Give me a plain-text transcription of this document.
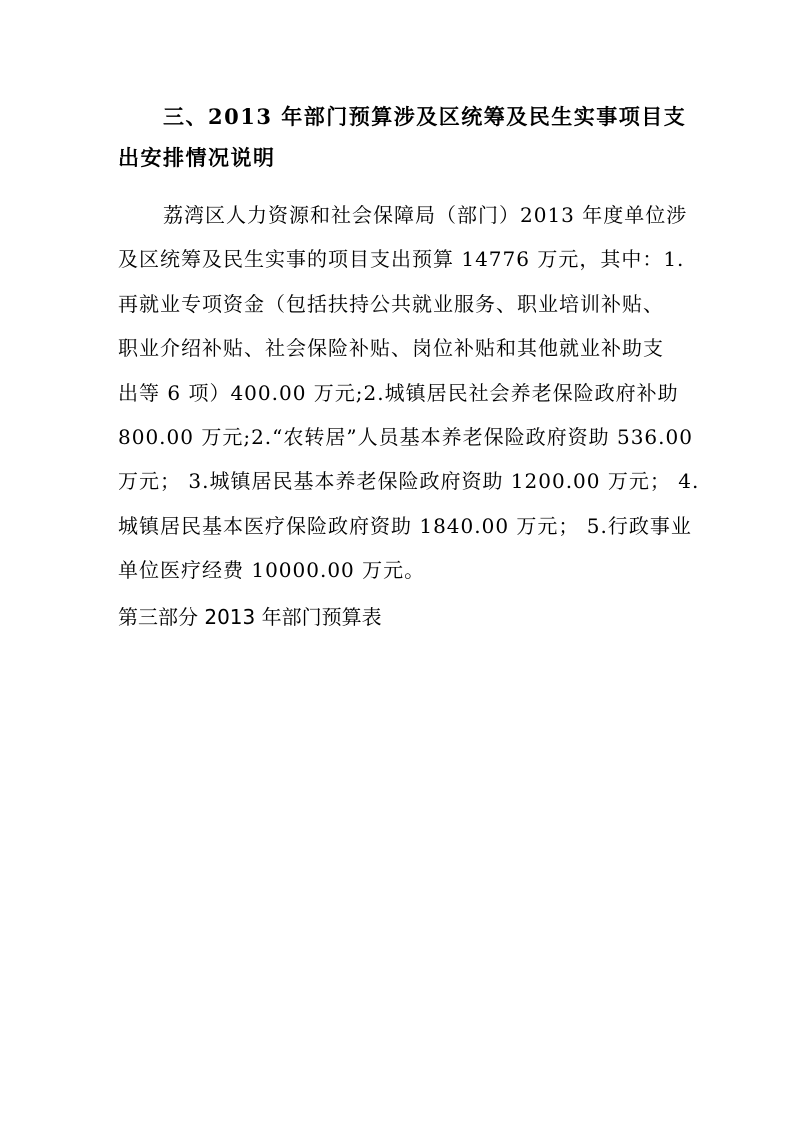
三、2013 年部门预算涉及区统筹及民生实事项目支
出安排情况说明
荔湾区人力资源和社会保障局（部门）2013 年度单位涉
及区统筹及民生实事的项目支出预算 14776 万元，其中：1.
再就业专项资金（包括扶持公共就业服务、职业培训补贴、
职业介绍补贴、社会保险补贴、岗位补贴和其他就业补助支
出等 6 项）400.00 万元;2.城镇居民社会养老保险政府补助
800.00 万元;2.“农转居”人员基本养老保险政府资助 536.00
万元； 3.城镇居民基本养老保险政府资助 1200.00 万元； 4.
城镇居民基本医疗保险政府资助 1840.00 万元； 5.行政事业
单位医疗经费 10000.00 万元。
第三部分 2013 年部门预算表
